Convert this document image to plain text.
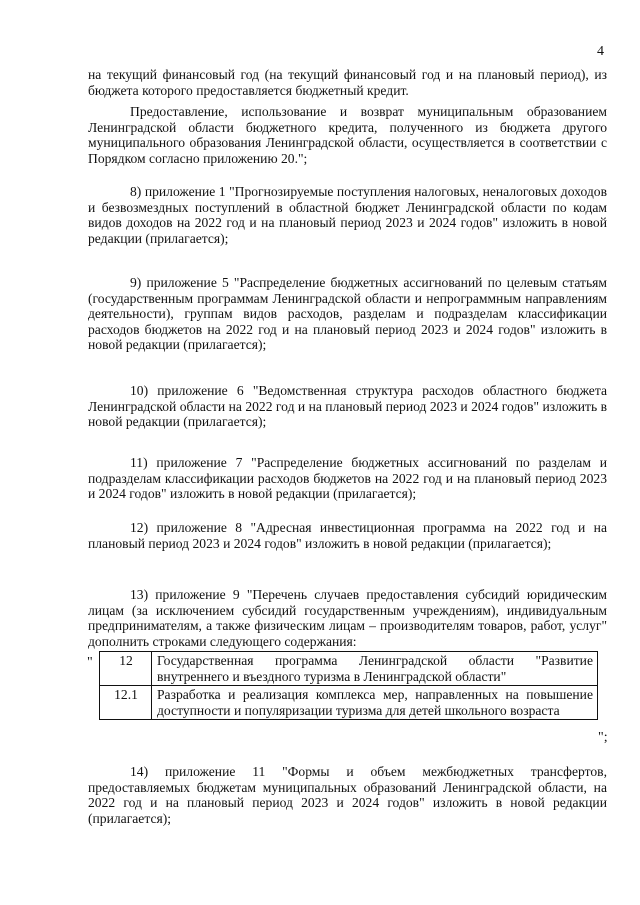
4
на текущий финансовый год (на текущий финансовый год и на плановый период), из бюджета которого предоставляется бюджетный кредит.
Предоставление, использование и возврат муниципальным образованием Ленинградской области бюджетного кредита, полученного из бюджета другого муниципального образования Ленинградской области, осуществляется в соответствии с Порядком согласно приложению 20.";
8) приложение 1 "Прогнозируемые поступления налоговых, неналоговых доходов и безвозмездных поступлений в областной бюджет Ленинградской области по кодам видов доходов на 2022 год и на плановый период 2023 и 2024 годов" изложить в новой редакции (прилагается);
9) приложение 5 "Распределение бюджетных ассигнований по целевым статьям (государственным программам Ленинградской области и непрограммным направлениям деятельности), группам видов расходов, разделам и подразделам классификации расходов бюджетов на 2022 год и на плановый период 2023 и 2024 годов" изложить в новой редакции (прилагается);
10) приложение 6 "Ведомственная структура расходов областного бюджета Ленинградской области на 2022 год и на плановый период 2023 и 2024 годов" изложить в новой редакции (прилагается);
11) приложение 7 "Распределение бюджетных ассигнований по разделам и подразделам классификации расходов бюджетов на 2022 год и на плановый период 2023 и 2024 годов" изложить в новой редакции (прилагается);
12) приложение 8 "Адресная инвестиционная программа на 2022 год и на плановый период 2023 и 2024 годов" изложить в новой редакции (прилагается);
13) приложение 9 "Перечень случаев предоставления субсидий юридическим лицам (за исключением субсидий государственным учреждениям), индивидуальным предпринимателям, а также физическим лицам – производителям товаров, работ, услуг" дополнить строками следующего содержания:
" 12	Государственная программа Ленинградской области "Развитие внутреннего и въездного туризма в Ленинградской области"
12.1	Разработка и реализация комплекса мер, направленных на повышение доступности и популяризации туризма для детей школьного возраста
";
14) приложение 11 "Формы и объем межбюджетных трансфертов, предоставляемых бюджетам муниципальных образований Ленинградской области, на 2022 год и на плановый период 2023 и 2024 годов" изложить в новой редакции (прилагается);
